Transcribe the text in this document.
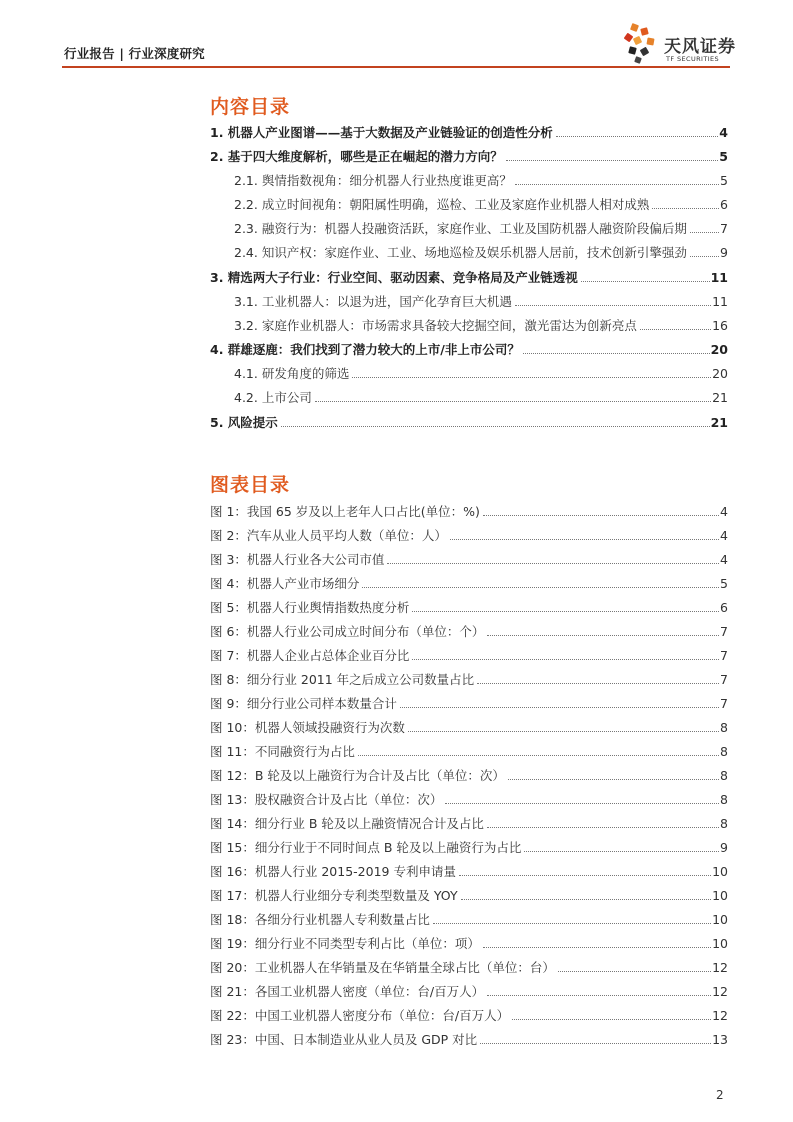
行业报告 | 行业深度研究	天风证券
TF SECURITIES
内容目录
1. 机器人产业图谱——基于大数据及产业链验证的创造性分析	4
2. 基于四大维度解析，哪些是正在崛起的潜力方向？	5
2.1. 舆情指数视角：细分机器人行业热度谁更高？	5
2.2. 成立时间视角：朝阳属性明确，巡检、工业及家庭作业机器人相对成熟	6
2.3. 融资行为：机器人投融资活跃，家庭作业、工业及国防机器人融资阶段偏后期	7
2.4. 知识产权：家庭作业、工业、场地巡检及娱乐机器人居前，技术创新引擎强劲	9
3. 精选两大子行业：行业空间、驱动因素、竞争格局及产业链透视	11
3.1. 工业机器人：以退为进，国产化孕育巨大机遇	11
3.2. 家庭作业机器人：市场需求具备较大挖掘空间，激光雷达为创新亮点	16
4. 群雄逐鹿：我们找到了潜力较大的上市/非上市公司？	20
4.1. 研发角度的筛选	20
4.2. 上市公司	21
5. 风险提示	21
图表目录
图 1：我国 65 岁及以上老年人口占比(单位：%)	4
图 2：汽车从业人员平均人数（单位：人）	4
图 3：机器人行业各大公司市值	4
图 4：机器人产业市场细分	5
图 5：机器人行业舆情指数热度分析	6
图 6：机器人行业公司成立时间分布（单位：个）	7
图 7：机器人企业占总体企业百分比	7
图 8：细分行业 2011 年之后成立公司数量占比	7
图 9：细分行业公司样本数量合计	7
图 10：机器人领域投融资行为次数	8
图 11：不同融资行为占比	8
图 12：B 轮及以上融资行为合计及占比（单位：次）	8
图 13：股权融资合计及占比（单位：次）	8
图 14：细分行业 B 轮及以上融资情况合计及占比	8
图 15：细分行业于不同时间点 B 轮及以上融资行为占比	9
图 16：机器人行业 2015-2019 专利申请量	10
图 17：机器人行业细分专利类型数量及 YOY	10
图 18：各细分行业机器人专利数量占比	10
图 19：细分行业不同类型专利占比（单位：项）	10
图 20：工业机器人在华销量及在华销量全球占比（单位：台）	12
图 21：各国工业机器人密度（单位：台/百万人）	12
图 22：中国工业机器人密度分布（单位：台/百万人）	12
图 23：中国、日本制造业从业人员及 GDP 对比	13
2
